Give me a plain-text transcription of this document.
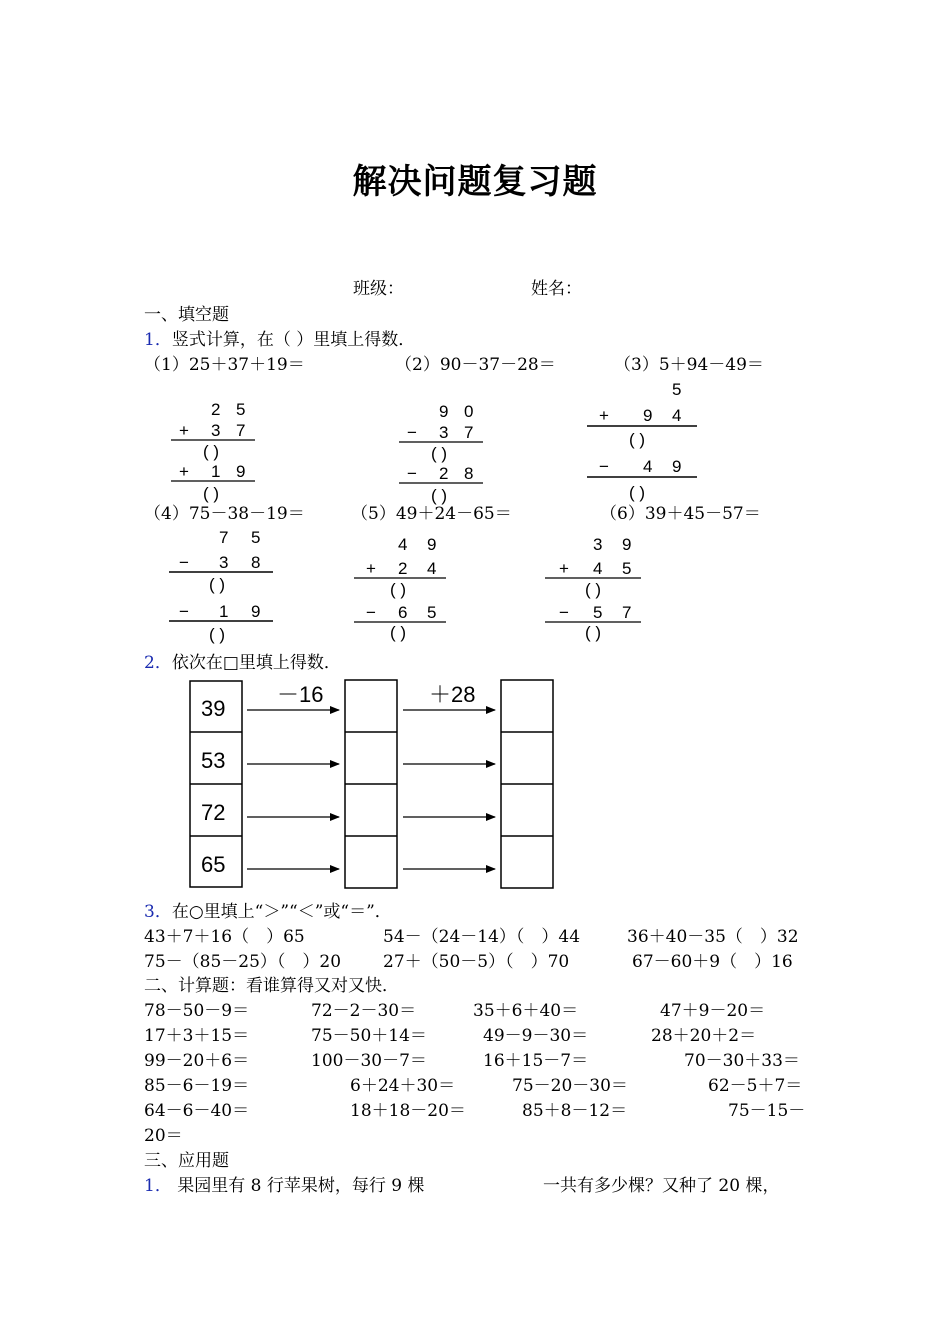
解决问题复习题
班级：	姓名：
一、填空题
1．竖式计算，在（ ）里填上得数．
（1）25＋37＋19＝	（2）90－37－28＝	（3）5＋94－49＝
2 5
+ 3 7
( )
+ 1 9
( )
9 0
− 3 7
( )
− 2 8
( )
5
+ 9 4
( )
− 4 9
( )
（4）75－38－19＝	（5）49＋24－65＝	（6）39＋45－57＝
7 5
− 3 8
( )
− 1 9
( )
4 9
+ 2 4
( )
− 6 5
( )
3 9
+ 4 5
( )
− 5 7
( )
2．依次在□里填上得数．
39
53
72
65
－16	＋28
3．在○里填上“＞”“＜”或“＝”．
43＋7＋16（　）65	54－（24－14）（　）44	36＋40－35（　）32
75－（85－25）（　）20 27＋（50－5）（　）70	67－60＋9（　）16
二、计算题：看谁算得又对又快．
78－50－9＝	72－2－30＝	35＋6＋40＝	47＋9－20＝
17＋3＋15＝	75－50＋14＝	49－9－30＝	28＋20＋2＝
99－20＋6＝	100－30－7＝	16＋15－7＝	70－30＋33＝
85－6－19＝	6＋24＋30＝	75－20－30＝	62－5＋7＝
64－6－40＝	18＋18－20＝	85＋8－12＝	75－15－
20＝
三、应用题
1． 果园里有 8 行苹果树，每行 9 棵	一共有多少棵？又种了 20 棵，
